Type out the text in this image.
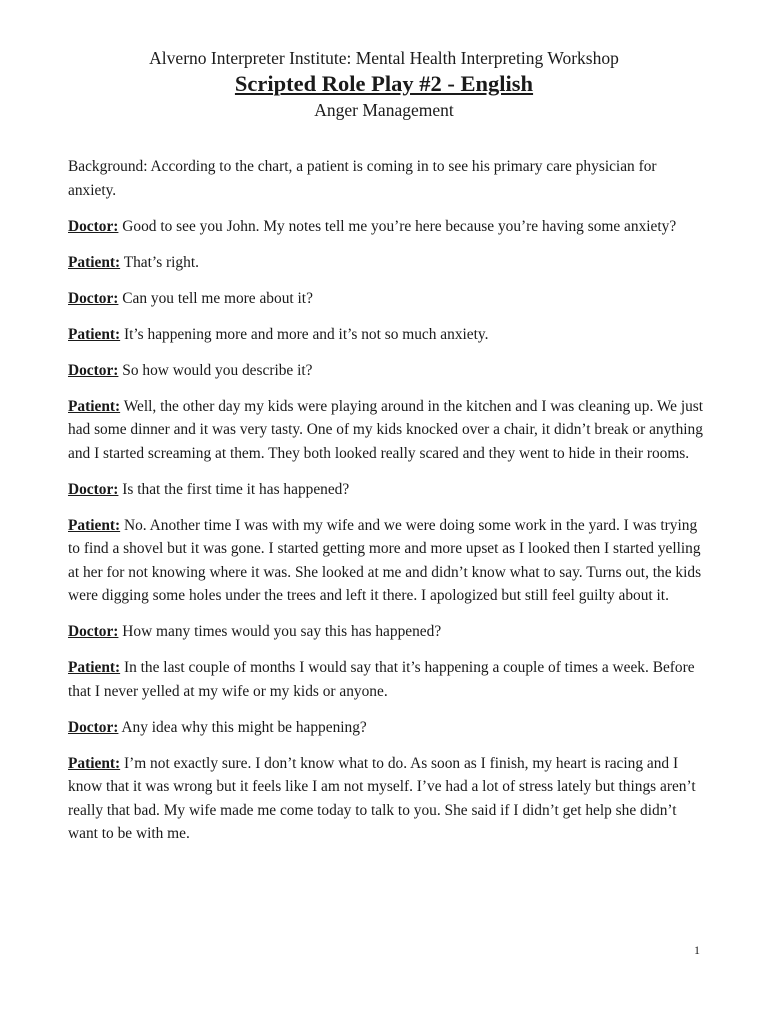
Alverno Interpreter Institute: Mental Health Interpreting Workshop
Scripted Role Play #2 - English
Anger Management

Background: According to the chart, a patient is coming in to see his primary care physician for anxiety.

Doctor: Good to see you John. My notes tell me you’re here because you’re having some anxiety?

Patient: That’s right.

Doctor: Can you tell me more about it?

Patient: It’s happening more and more and it’s not so much anxiety.

Doctor: So how would you describe it?

Patient: Well, the other day my kids were playing around in the kitchen and I was cleaning up. We just had some dinner and it was very tasty. One of my kids knocked over a chair, it didn’t break or anything and I started screaming at them. They both looked really scared and they went to hide in their rooms.

Doctor: Is that the first time it has happened?

Patient: No. Another time I was with my wife and we were doing some work in the yard. I was trying to find a shovel but it was gone. I started getting more and more upset as I looked then I started yelling at her for not knowing where it was. She looked at me and didn’t know what to say. Turns out, the kids were digging some holes under the trees and left it there. I apologized but still feel guilty about it.

Doctor: How many times would you say this has happened?

Patient: In the last couple of months I would say that it’s happening a couple of times a week. Before that I never yelled at my wife or my kids or anyone.

Doctor: Any idea why this might be happening?

Patient: I’m not exactly sure. I don’t know what to do. As soon as I finish, my heart is racing and I know that it was wrong but it feels like I am not myself. I’ve had a lot of stress lately but things aren’t really that bad. My wife made me come today to talk to you. She said if I didn’t get help she didn’t want to be with me.

1
